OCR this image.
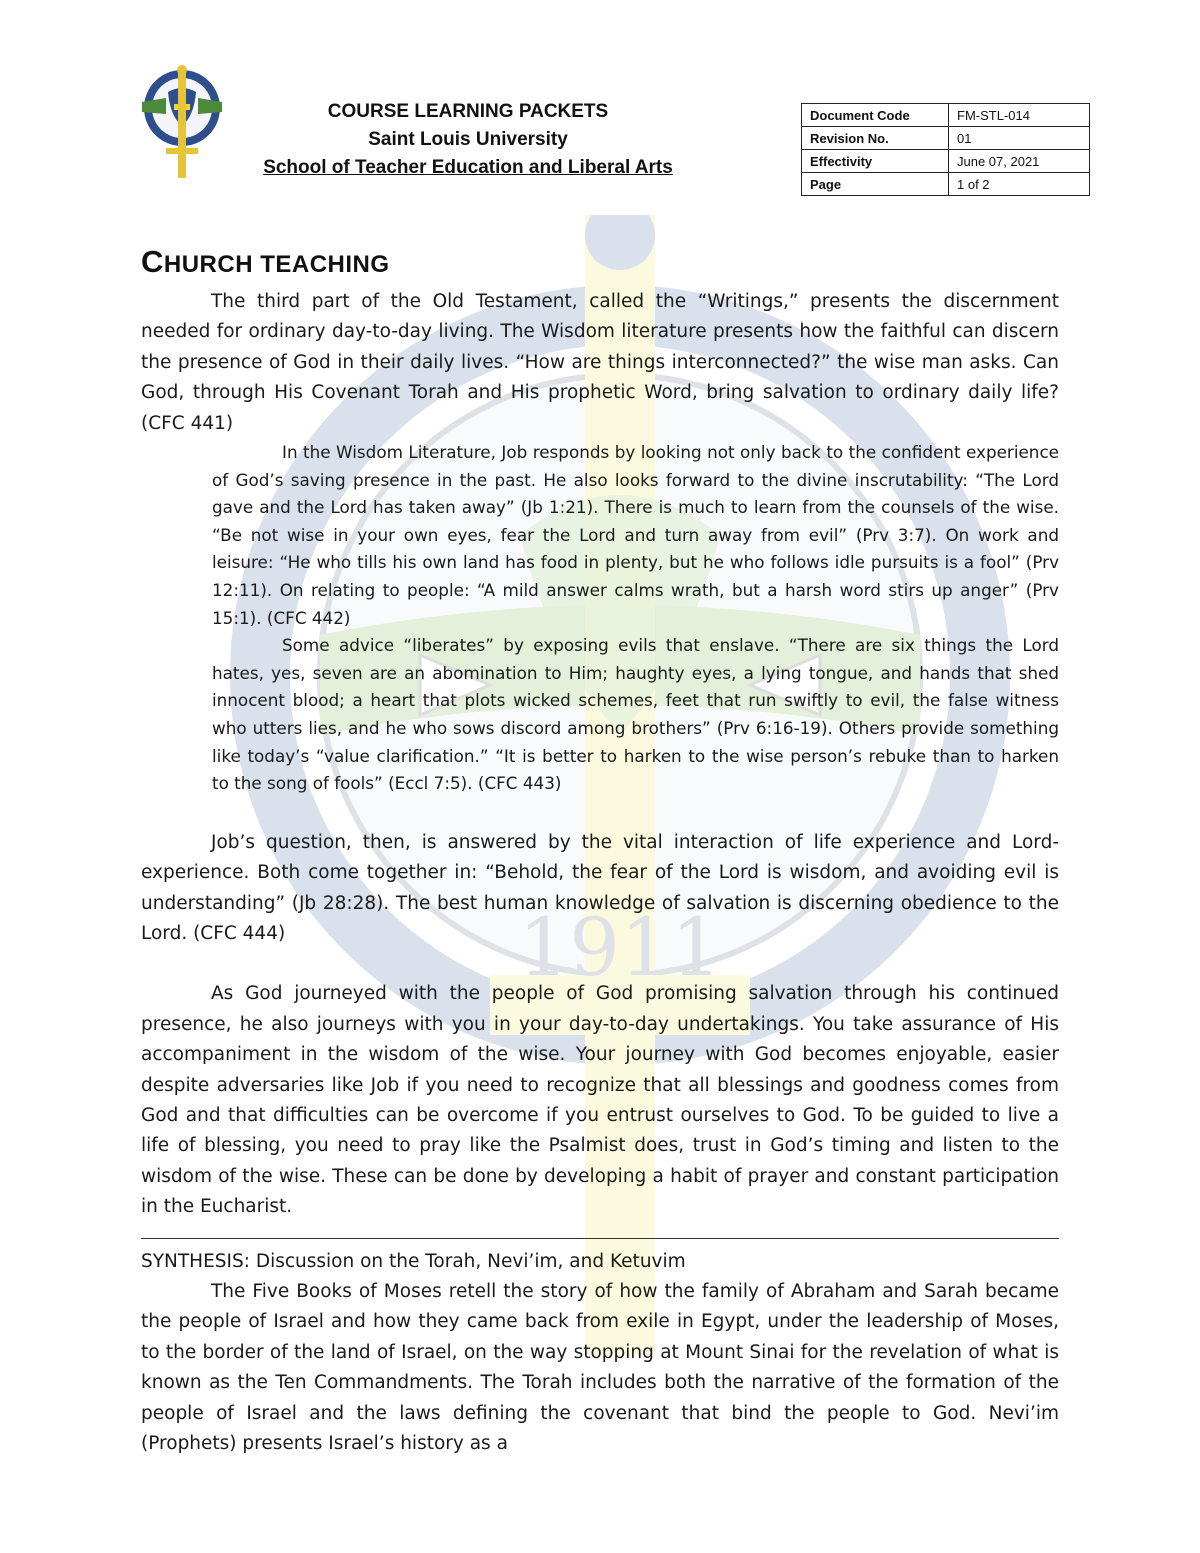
1911
COURSE LEARNING PACKETS
Saint Louis University
School of Teacher Education and Liberal Arts
Document Code	FM-STL-014
Revision No.	01
Effectivity	June 07, 2021
Page	1 of 2
CHURCH TEACHING

The third part of the Old Testament, called the “Writings,” presents the discernment needed for ordinary day-to-day living. The Wisdom literature presents how the faithful can discern the presence of God in their daily lives. “How are things interconnected?” the wise man asks. Can God, through His Covenant Torah and His prophetic Word, bring salvation to ordinary daily life? (CFC 441)

In the Wisdom Literature, Job responds by looking not only back to the confident experience of God’s saving presence in the past. He also looks forward to the divine inscrutability: “The Lord gave and the Lord has taken away” (Jb 1:21). There is much to learn from the counsels of the wise. “Be not wise in your own eyes, fear the Lord and turn away from evil” (Prv 3:7). On work and leisure: “He who tills his own land has food in plenty, but he who follows idle pursuits is a fool” (Prv 12:11). On relating to people: “A mild answer calms wrath, but a harsh word stirs up anger” (Prv 15:1). (CFC 442)

Some advice “liberates” by exposing evils that enslave. “There are six things the Lord hates, yes, seven are an abomination to Him; haughty eyes, a lying tongue, and hands that shed innocent blood; a heart that plots wicked schemes, feet that run swiftly to evil, the false witness who utters lies, and he who sows discord among brothers” (Prv 6:16-19). Others provide something like today’s “value clarification.” “It is better to harken to the wise person’s rebuke than to harken to the song of fools” (Eccl 7:5). (CFC 443)

Job’s question, then, is answered by the vital interaction of life experience and Lord-experience. Both come together in: “Behold, the fear of the Lord is wisdom, and avoiding evil is understanding” (Jb 28:28). The best human knowledge of salvation is discerning obedience to the Lord. (CFC 444)

As God journeyed with the people of God promising salvation through his continued presence, he also journeys with you in your day-to-day undertakings. You take assurance of His accompaniment in the wisdom of the wise. Your journey with God becomes enjoyable, easier despite adversaries like Job if you need to recognize that all blessings and goodness comes from God and that difficulties can be overcome if you entrust ourselves to God. To be guided to live a life of blessing, you need to pray like the Psalmist does, trust in God’s timing and listen to the wisdom of the wise. These can be done by developing a habit of prayer and constant participation in the Eucharist.

SYNTHESIS: Discussion on the Torah, Nevi’im, and Ketuvim

The Five Books of Moses retell the story of how the family of Abraham and Sarah became the people of Israel and how they came back from exile in Egypt, under the leadership of Moses, to the border of the land of Israel, on the way stopping at Mount Sinai for the revelation of what is known as the Ten Commandments. The Torah includes both the narrative of the formation of the people of Israel and the laws defining the covenant that bind the people to God. Nevi’im (Prophets) presents Israel’s history as a
